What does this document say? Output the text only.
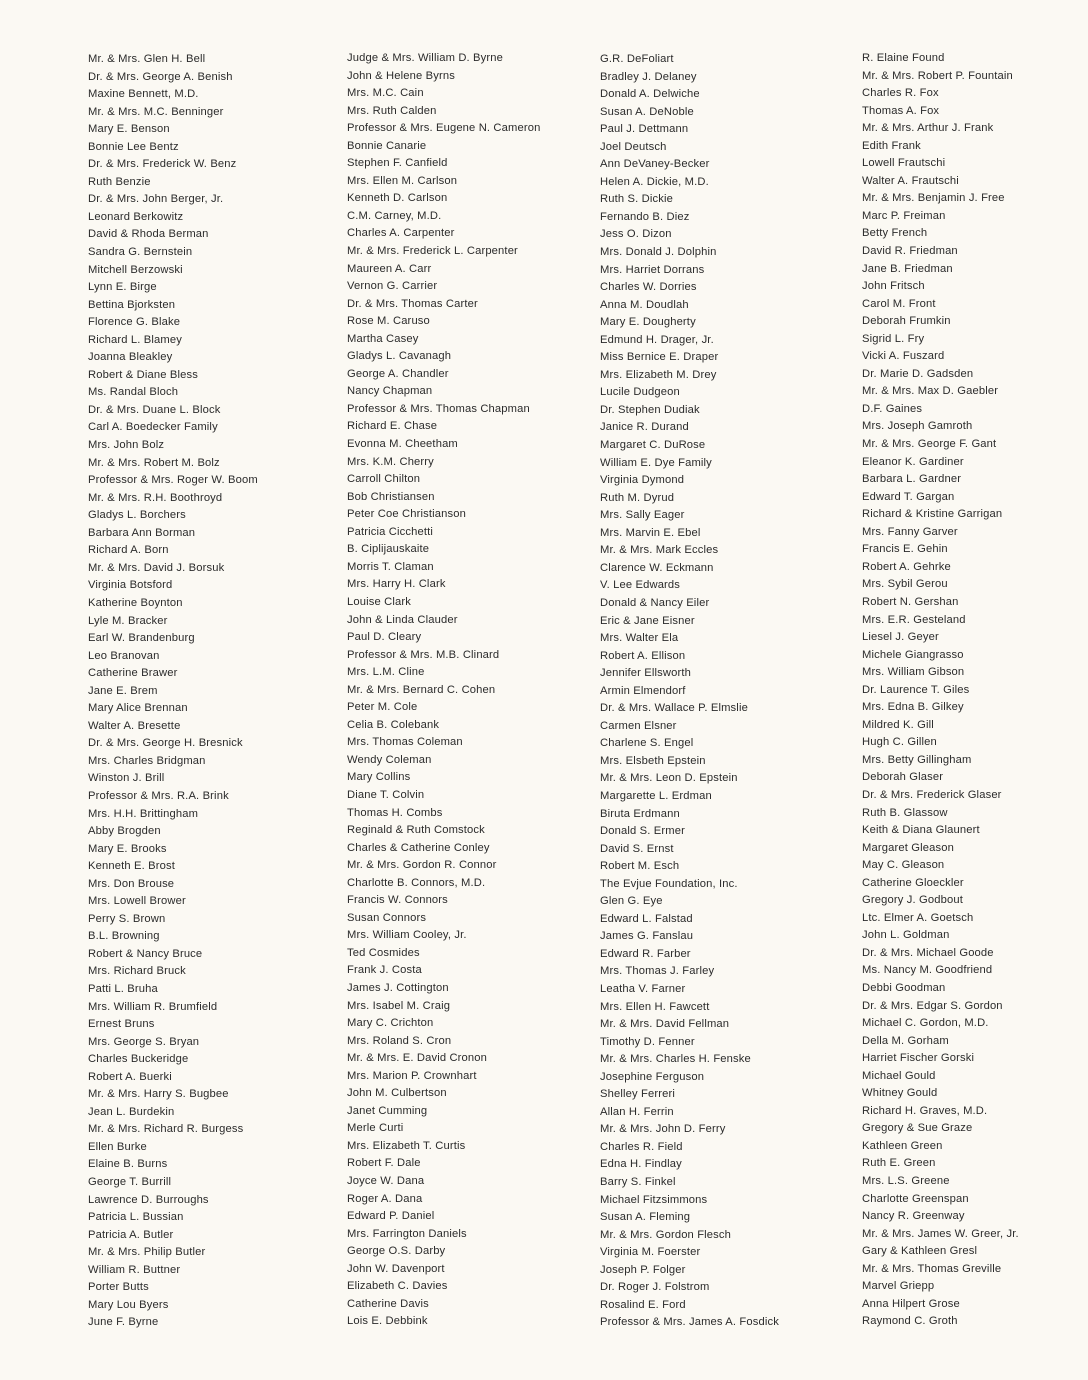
Mr. & Mrs. Glen H. Bell
Dr. & Mrs. George A. Benish
Maxine Bennett, M.D.
Mr. & Mrs. M.C. Benninger
Mary E. Benson
Bonnie Lee Bentz
Dr. & Mrs. Frederick W. Benz
Ruth Benzie
Dr. & Mrs. John Berger, Jr.
Leonard Berkowitz
David & Rhoda Berman
Sandra G. Bernstein
Mitchell Berzowski
Lynn E. Birge
Bettina Bjorksten
Florence G. Blake
Richard L. Blamey
Joanna Bleakley
Robert & Diane Bless
Ms. Randal Bloch
Dr. & Mrs. Duane L. Block
Carl A. Boedecker Family
Mrs. John Bolz
Mr. & Mrs. Robert M. Bolz
Professor & Mrs. Roger W. Boom
Mr. & Mrs. R.H. Boothroyd
Gladys L. Borchers
Barbara Ann Borman
Richard A. Born
Mr. & Mrs. David J. Borsuk
Virginia Botsford
Katherine Boynton
Lyle M. Bracker
Earl W. Brandenburg
Leo Branovan
Catherine Brawer
Jane E. Brem
Mary Alice Brennan
Walter A. Bresette
Dr. & Mrs. George H. Bresnick
Mrs. Charles Bridgman
Winston J. Brill
Professor & Mrs. R.A. Brink
Mrs. H.H. Brittingham
Abby Brogden
Mary E. Brooks
Kenneth E. Brost
Mrs. Don Brouse
Mrs. Lowell Brower
Perry S. Brown
B.L. Browning
Robert & Nancy Bruce
Mrs. Richard Bruck
Patti L. Bruha
Mrs. William R. Brumfield
Ernest Bruns
Mrs. George S. Bryan
Charles Buckeridge
Robert A. Buerki
Mr. & Mrs. Harry S. Bugbee
Jean L. Burdekin
Mr. & Mrs. Richard R. Burgess
Ellen Burke
Elaine B. Burns
George T. Burrill
Lawrence D. Burroughs
Patricia L. Bussian
Patricia A. Butler
Mr. & Mrs. Philip Butler
William R. Buttner
Porter Butts
Mary Lou Byers
June F. Byrne
Judge & Mrs. William D. Byrne
John & Helene Byrns
Mrs. M.C. Cain
Mrs. Ruth Calden
Professor & Mrs. Eugene N. Cameron
Bonnie Canarie
Stephen F. Canfield
Mrs. Ellen M. Carlson
Kenneth D. Carlson
C.M. Carney, M.D.
Charles A. Carpenter
Mr. & Mrs. Frederick L. Carpenter
Maureen A. Carr
Vernon G. Carrier
Dr. & Mrs. Thomas Carter
Rose M. Caruso
Martha Casey
Gladys L. Cavanagh
George A. Chandler
Nancy Chapman
Professor & Mrs. Thomas Chapman
Richard E. Chase
Evonna M. Cheetham
Mrs. K.M. Cherry
Carroll Chilton
Bob Christiansen
Peter Coe Christianson
Patricia Cicchetti
B. Ciplijauskaite
Morris T. Claman
Mrs. Harry H. Clark
Louise Clark
John & Linda Clauder
Paul D. Cleary
Professor & Mrs. M.B. Clinard
Mrs. L.M. Cline
Mr. & Mrs. Bernard C. Cohen
Peter M. Cole
Celia B. Colebank
Mrs. Thomas Coleman
Wendy Coleman
Mary Collins
Diane T. Colvin
Thomas H. Combs
Reginald & Ruth Comstock
Charles & Catherine Conley
Mr. & Mrs. Gordon R. Connor
Charlotte B. Connors, M.D.
Francis W. Connors
Susan Connors
Mrs. William Cooley, Jr.
Ted Cosmides
Frank J. Costa
James J. Cottington
Mrs. Isabel M. Craig
Mary C. Crichton
Mrs. Roland S. Cron
Mr. & Mrs. E. David Cronon
Mrs. Marion P. Crownhart
John M. Culbertson
Janet Cumming
Merle Curti
Mrs. Elizabeth T. Curtis
Robert F. Dale
Joyce W. Dana
Roger A. Dana
Edward P. Daniel
Mrs. Farrington Daniels
George O.S. Darby
John W. Davenport
Elizabeth C. Davies
Catherine Davis
Lois E. Debbink
G.R. DeFoliart
Bradley J. Delaney
Donald A. Delwiche
Susan A. DeNoble
Paul J. Dettmann
Joel Deutsch
Ann DeVaney-Becker
Helen A. Dickie, M.D.
Ruth S. Dickie
Fernando B. Diez
Jess O. Dizon
Mrs. Donald J. Dolphin
Mrs. Harriet Dorrans
Charles W. Dorries
Anna M. Doudlah
Mary E. Dougherty
Edmund H. Drager, Jr.
Miss Bernice E. Draper
Mrs. Elizabeth M. Drey
Lucile Dudgeon
Dr. Stephen Dudiak
Janice R. Durand
Margaret C. DuRose
William E. Dye Family
Virginia Dymond
Ruth M. Dyrud
Mrs. Sally Eager
Mrs. Marvin E. Ebel
Mr. & Mrs. Mark Eccles
Clarence W. Eckmann
V. Lee Edwards
Donald & Nancy Eiler
Eric & Jane Eisner
Mrs. Walter Ela
Robert A. Ellison
Jennifer Ellsworth
Armin Elmendorf
Dr. & Mrs. Wallace P. Elmslie
Carmen Elsner
Charlene S. Engel
Mrs. Elsbeth Epstein
Mr. & Mrs. Leon D. Epstein
Margarette L. Erdman
Biruta Erdmann
Donald S. Ermer
David S. Ernst
Robert M. Esch
The Evjue Foundation, Inc.
Glen G. Eye
Edward L. Falstad
James G. Fanslau
Edward R. Farber
Mrs. Thomas J. Farley
Leatha V. Farner
Mrs. Ellen H. Fawcett
Mr. & Mrs. David Fellman
Timothy D. Fenner
Mr. & Mrs. Charles H. Fenske
Josephine Ferguson
Shelley Ferreri
Allan H. Ferrin
Mr. & Mrs. John D. Ferry
Charles R. Field
Edna H. Findlay
Barry S. Finkel
Michael Fitzsimmons
Susan A. Fleming
Mr. & Mrs. Gordon Flesch
Virginia M. Foerster
Joseph P. Folger
Dr. Roger J. Folstrom
Rosalind E. Ford
Professor & Mrs. James A. Fosdick
R. Elaine Found
Mr. & Mrs. Robert P. Fountain
Charles R. Fox
Thomas A. Fox
Mr. & Mrs. Arthur J. Frank
Edith Frank
Lowell Frautschi
Walter A. Frautschi
Mr. & Mrs. Benjamin J. Free
Marc P. Freiman
Betty French
David R. Friedman
Jane B. Friedman
John Fritsch
Carol M. Front
Deborah Frumkin
Sigrid L. Fry
Vicki A. Fuszard
Dr. Marie D. Gadsden
Mr. & Mrs. Max D. Gaebler
D.F. Gaines
Mrs. Joseph Gamroth
Mr. & Mrs. George F. Gant
Eleanor K. Gardiner
Barbara L. Gardner
Edward T. Gargan
Richard & Kristine Garrigan
Mrs. Fanny Garver
Francis E. Gehin
Robert A. Gehrke
Mrs. Sybil Gerou
Robert N. Gershan
Mrs. E.R. Gesteland
Liesel J. Geyer
Michele Giangrasso
Mrs. William Gibson
Dr. Laurence T. Giles
Mrs. Edna B. Gilkey
Mildred K. Gill
Hugh C. Gillen
Mrs. Betty Gillingham
Deborah Glaser
Dr. & Mrs. Frederick Glaser
Ruth B. Glassow
Keith & Diana Glaunert
Margaret Gleason
May C. Gleason
Catherine Gloeckler
Gregory J. Godbout
Ltc. Elmer A. Goetsch
John L. Goldman
Dr. & Mrs. Michael Goode
Ms. Nancy M. Goodfriend
Debbi Goodman
Dr. & Mrs. Edgar S. Gordon
Michael C. Gordon, M.D.
Della M. Gorham
Harriet Fischer Gorski
Michael Gould
Whitney Gould
Richard H. Graves, M.D.
Gregory & Sue Graze
Kathleen Green
Ruth E. Green
Mrs. L.S. Greene
Charlotte Greenspan
Nancy R. Greenway
Mr. & Mrs. James W. Greer, Jr.
Gary & Kathleen Gresl
Mr. & Mrs. Thomas Greville
Marvel Griepp
Anna Hilpert Grose
Raymond C. Groth
